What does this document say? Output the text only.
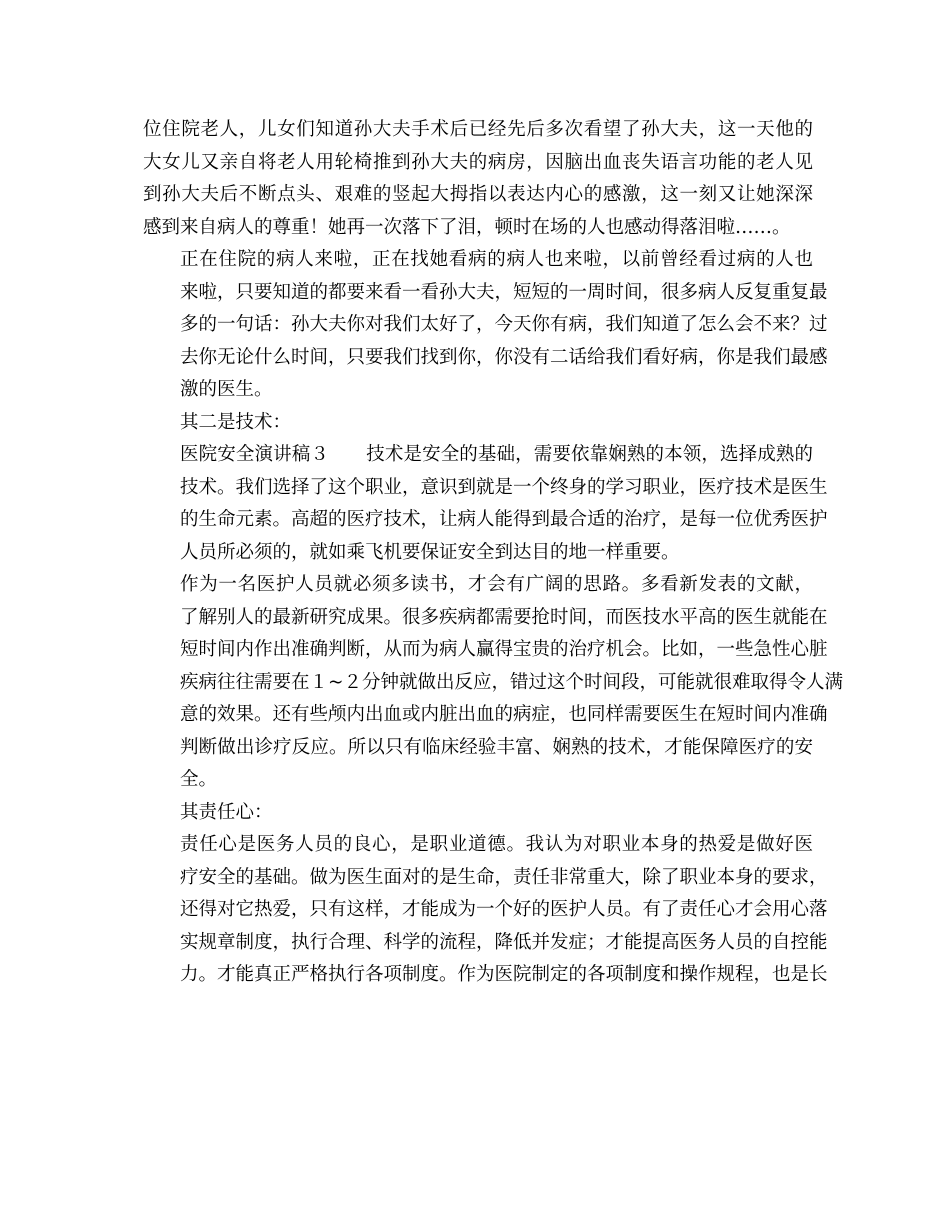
位住院老人，儿女们知道孙大夫手术后已经先后多次看望了孙大夫，这一天他的
大女儿又亲自将老人用轮椅推到孙大夫的病房，因脑出血丧失语言功能的老人见
到孙大夫后不断点头、艰难的竖起大拇指以表达内心的感激，这一刻又让她深深
感到来自病人的尊重！她再一次落下了泪，顿时在场的人也感动得落泪啦……。
正在住院的病人来啦，正在找她看病的病人也来啦，以前曾经看过病的人也
来啦，只要知道的都要来看一看孙大夫，短短的一周时间，很多病人反复重复最
多的一句话：孙大夫你对我们太好了，今天你有病，我们知道了怎么会不来？过
去你无论什么时间，只要我们找到你，你没有二话给我们看好病，你是我们最感
激的医生。
其二是技术：
医院安全演讲稿３　　技术是安全的基础，需要依靠娴熟的本领，选择成熟的
技术。我们选择了这个职业，意识到就是一个终身的学习职业，医疗技术是医生
的生命元素。高超的医疗技术，让病人能得到最合适的治疗，是每一位优秀医护
人员所必须的，就如乘飞机要保证安全到达目的地一样重要。
作为一名医护人员就必须多读书，才会有广阔的思路。多看新发表的文献，
了解别人的最新研究成果。很多疾病都需要抢时间，而医技水平高的医生就能在
短时间内作出准确判断，从而为病人赢得宝贵的治疗机会。比如，一些急性心脏
疾病往往需要在１~２分钟就做出反应，错过这个时间段，可能就很难取得令人满
意的效果。还有些颅内出血或内脏出血的病症，也同样需要医生在短时间内准确
判断做出诊疗反应。所以只有临床经验丰富、娴熟的技术，才能保障医疗的安
全。
其责任心：
责任心是医务人员的良心，是职业道德。我认为对职业本身的热爱是做好医
疗安全的基础。做为医生面对的是生命，责任非常重大，除了职业本身的要求，
还得对它热爱，只有这样，才能成为一个好的医护人员。有了责任心才会用心落
实规章制度，执行合理、科学的流程，降低并发症；才能提高医务人员的自控能
力。才能真正严格执行各项制度。作为医院制定的各项制度和操作规程，也是长
